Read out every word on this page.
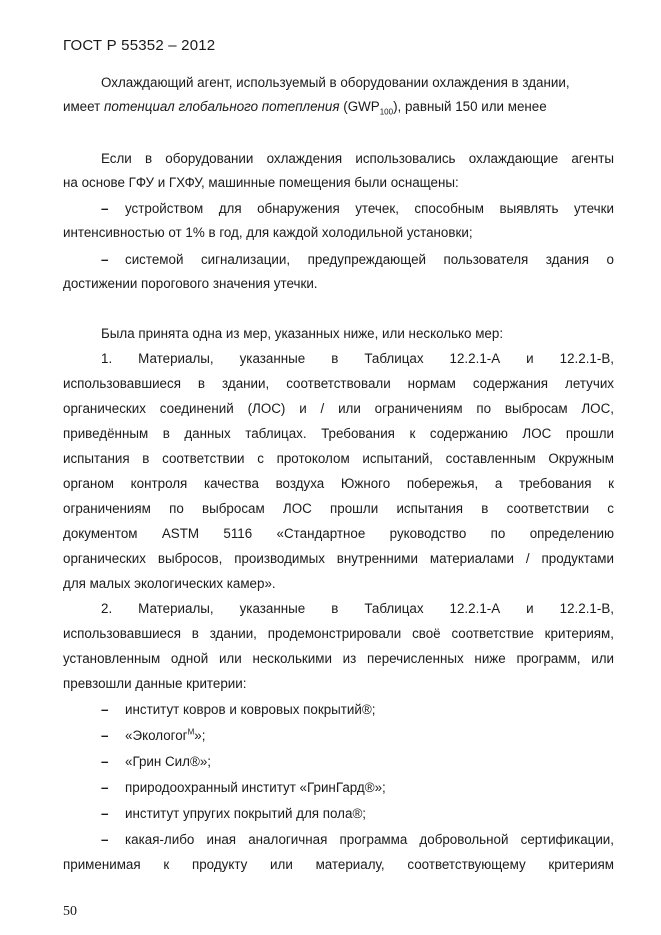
ГОСТ Р 55352 – 2012
Охлаждающий агент, используемый в оборудовании охлаждения в здании,
имеет потенциал глобального потепления $(GWP_{100})$, равный 150 или менее
Если в оборудовании охлаждения использовались охлаждающие агенты
на основе ГФУ и ГХФУ, машинные помещения были оснащены:
– устройством для обнаружения утечек, способным выявлять утечки
интенсивностью от 1% в год, для каждой холодильной установки;
– системой сигнализации, предупреждающей пользователя здания о
достижении порогового значения утечки.
Была принята одна из мер, указанных ниже, или несколько мер:
1. Материалы, указанные в Таблицах 12.2.1-А и 12.2.1-В,
использовавшиеся в здании, соответствовали нормам содержания летучих
органических соединений (ЛОС) и / или ограничениям по выбросам ЛОС,
приведённым в данных таблицах. Требования к содержанию ЛОС прошли
испытания в соответствии с протоколом испытаний, составленным Окружным
органом контроля качества воздуха Южного побережья, а требования к
ограничениям по выбросам ЛОС прошли испытания в соответствии с
документом ASTM 5116 «Стандартное руководство по определению
органических выбросов, производимых внутренними материалами / продуктами
для малых экологических камер».
2. Материалы, указанные в Таблицах 12.2.1-А и 12.2.1-В,
использовавшиеся в здании, продемонстрировали своё соответствие критериям,
установленным одной или несколькими из перечисленных ниже программ, или
превзошли данные критерии:
– институт ковров и ковровых покрытий®;
– «Экологог$^М$»;
– «Грин Сил®»;
– природоохранный институт «ГринГард®»;
– институт упругих покрытий для пола®;
– какая-либо иная аналогичная программа добровольной сертификации,
применимая к продукту или материалу, соответствующему критериям
50
